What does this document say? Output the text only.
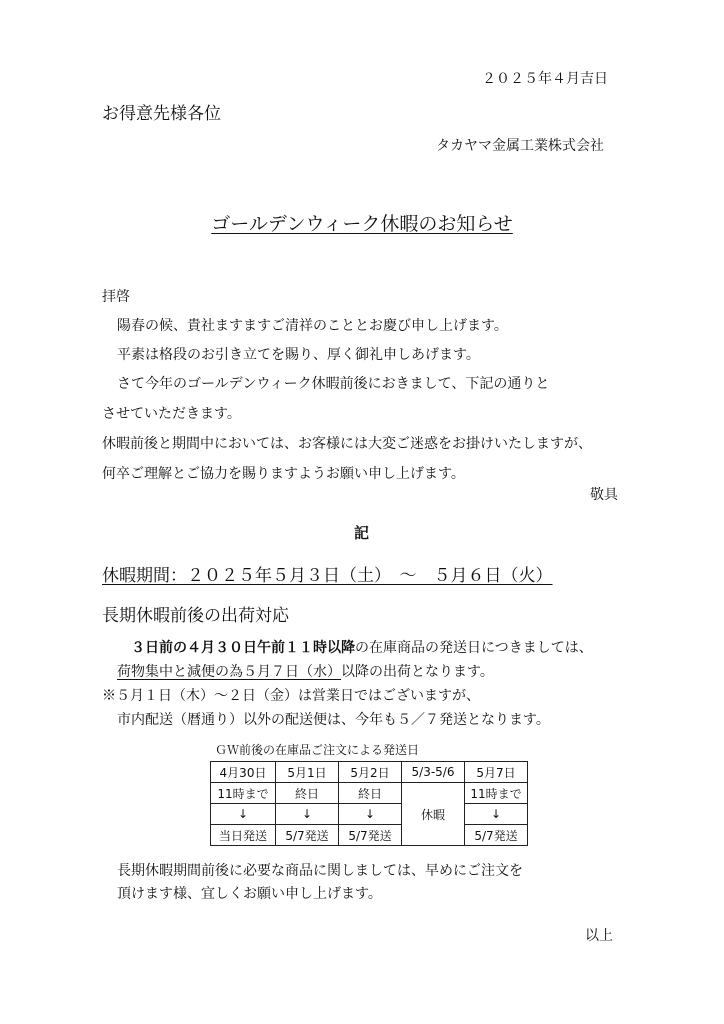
２０２５年４月吉日
お得意先様各位
タカヤマ金属工業株式会社
ゴールデンウィーク休暇のお知らせ
拝啓
陽春の候、貴社ますますご清祥のこととお慶び申し上げます。
平素は格段のお引き立てを賜り、厚く御礼申しあげます。
さて今年のゴールデンウィーク休暇前後におきまして、下記の通りと
させていただきます。
休暇前後と期間中においては、お客様には大変ご迷惑をお掛けいたしますが、
何卒ご理解とご協力を賜りますようお願い申し上げます。
敬具
記
休暇期間：２０２５年５月３日（土）　～　５月６日（火）
長期休暇前後の出荷対応
３日前の４月３０日午前１１時以降の在庫商品の発送日につきましては、
荷物集中と減便の為５月７日（水）以降の出荷となります。
※５月１日（木）～２日（金）は営業日ではございますが、
市内配送（暦通り）以外の配送便は、今年も５／７発送となります。
ＧＷ前後の在庫品ご注文による発送日
4月30日	5月1日	5月2日	5/3-5/6	5月7日
11時まで	終日	終日	休暇	11時まで
↓	↓	↓		↓
当日発送	5/7発送	5/7発送		5/7発送
長期休暇期間前後に必要な商品に関しましては、早めにご注文を
頂けます様、宜しくお願い申し上げます。
以上
